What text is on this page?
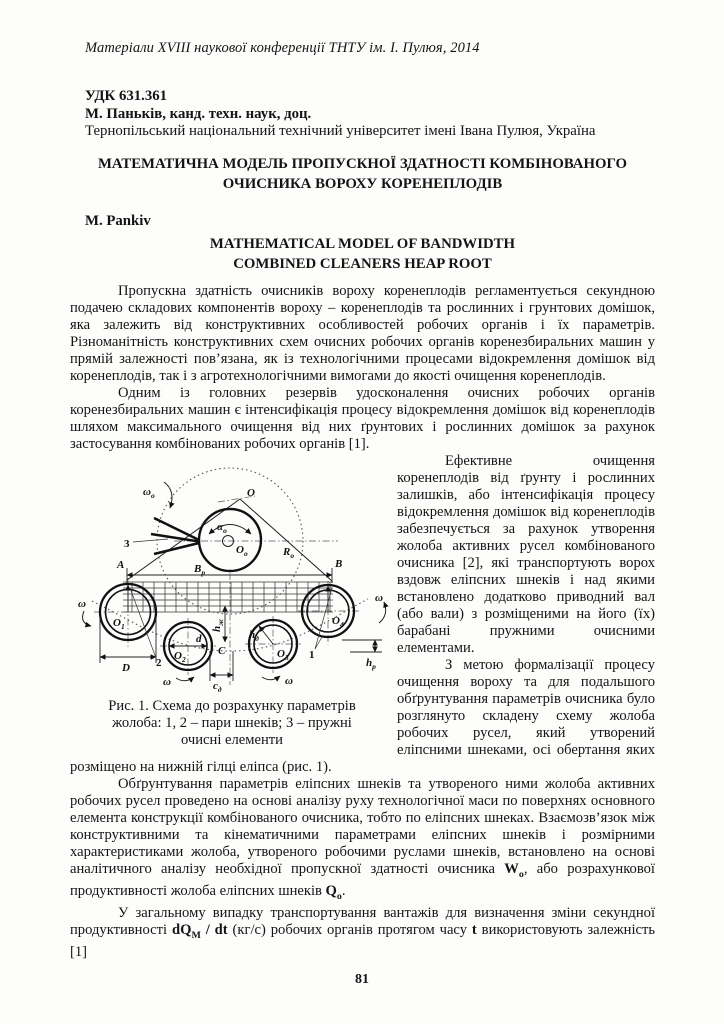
Матеріали XVIII наукової конференції ТНТУ ім. І. Пулюя, 2014
УДК 631.361
М. Паньків, канд. техн. наук, доц.
Тернопільський національний технічний університет імені Івана Пулюя, Україна
МАТЕМАТИЧНА МОДЕЛЬ ПРОПУСКНОЇ ЗДАТНОСТІ КОМБІНОВАНОГО
ОЧИСНИКА ВОРОХУ КОРЕНЕПЛОДІВ
M. Pankiv
MATHEMATICAL MODEL OF BANDWIDTH
COMBINED CLEANERS HEAP ROOT

Пропускна здатність очисників вороху коренеплодів регламентується секундною подачею складових компонентів вороху – коренеплодів та рослинних і грунтових домішок, яка залежить від конструктивних особливостей робочих органів і їх параметрів. Різноманітність конструктивних схем очисних робочих органів коренезбиральних машин у прямій залежності пов’язана, як із технологічними процесами відокремлення домішок від коренеплодів, так і з агротехнологічними вимогами до якості очищення коренеплодів.

Одним із головних резервів удосконалення очисних робочих органів коренезбиральних машин є інтенсифікація процесу відокремлення домішок від коренеплодів шляхом максимального очищення від них ґрунтових і рослинних домішок за рахунок застосування комбінованих робочих органів [1].

$\omega_о$	O
$\alpha_о$
$O_о$	$R_о$
3
$B_р$
A	B
ω	ω
ω	ω
$O_1$
$O_2$	$O_3$
$O_4$
D
d
C
$c_д$
$h_ж$
$h_д$
$h_р$
1
2
Рис. 1. Схема до розрахунку параметрів
жолоба: 1, 2 – пари шнеків; 3 – пружні
очисні елементи

Ефективне очищення коренеплодів від ґрунту і рослинних залишків, або інтенсифікація процесу відокремлення домішок від коренеплодів забезпечується за рахунок утворення жолоба активних русел комбінованого очисника [2], які транспортують ворох вздовж еліпсних шнеків і над якими встановлено додатково приводний вал (або вали) з розміщеними на його (їх) барабані пружними очисними елементами.

З метою формалізації процесу очищення вороху та для подальшого обґрунтування параметрів очисника було розглянуто складену схему жолоба робочих русел, який утворений еліпсними шнеками, осі обертання яких розміщено на нижній гілці еліпса (рис. 1).

Обґрунтування параметрів еліпсних шнеків та утвореного ними жолоба активних робочих русел проведено на основі аналізу руху технологічної маси по поверхнях основного елемента конструкції комбінованого очисника, тобто по еліпсних шнеках. Взаємозв’язок між конструктивними та кінематичними параметрами еліпсних шнеків і розмірними характеристиками жолоба, утвореного робочими руслами шнеків, встановлено на основі аналітичного аналізу необхідної пропускної здатності очисника $W_о$, або розрахункової продуктивності жолоба еліпсних шнеків $Q_о$.

У загальному випадку транспортування вантажів для визначення зміни секундної продуктивності $dQ_М$ / dt (кг/с) робочих органів протягом часу t використовують залежність [1]

81
